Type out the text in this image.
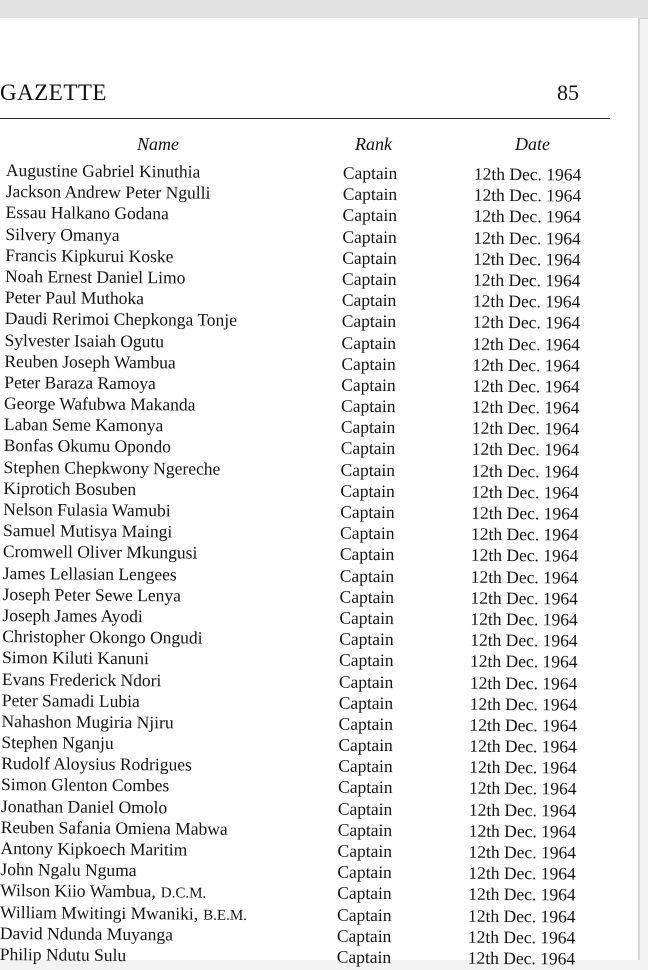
GAZETTE	85
Name	Rank	Date
Augustine Gabriel Kinuthia	Captain	12th Dec. 1964
Jackson Andrew Peter Ngulli	Captain	12th Dec. 1964
Essau Halkano Godana	Captain	12th Dec. 1964
Silvery Omanya	Captain	12th Dec. 1964
Francis Kipkurui Koske	Captain	12th Dec. 1964
Noah Ernest Daniel Limo	Captain	12th Dec. 1964
Peter Paul Muthoka	Captain	12th Dec. 1964
Daudi Rerimoi Chepkonga Tonje	Captain	12th Dec. 1964
Sylvester Isaiah Ogutu	Captain	12th Dec. 1964
Reuben Joseph Wambua	Captain	12th Dec. 1964
Peter Baraza Ramoya	Captain	12th Dec. 1964
George Wafubwa Makanda	Captain	12th Dec. 1964
Laban Seme Kamonya	Captain	12th Dec. 1964
Bonfas Okumu Opondo	Captain	12th Dec. 1964
Stephen Chepkwony Ngereche	Captain	12th Dec. 1964
Kiprotich Bosuben	Captain	12th Dec. 1964
Nelson Fulasia Wamubi	Captain	12th Dec. 1964
Samuel Mutisya Maingi	Captain	12th Dec. 1964
Cromwell Oliver Mkungusi	Captain	12th Dec. 1964
James Lellasian Lengees	Captain	12th Dec. 1964
Joseph Peter Sewe Lenya	Captain	12th Dec. 1964
Joseph James Ayodi	Captain	12th Dec. 1964
Christopher Okongo Ongudi	Captain	12th Dec. 1964
Simon Kiluti Kanuni	Captain	12th Dec. 1964
Evans Frederick Ndori	Captain	12th Dec. 1964
Peter Samadi Lubia	Captain	12th Dec. 1964
Nahashon Mugiria Njiru	Captain	12th Dec. 1964
Stephen Nganju	Captain	12th Dec. 1964
Rudolf Aloysius Rodrigues	Captain	12th Dec. 1964
Simon Glenton Combes	Captain	12th Dec. 1964
Jonathan Daniel Omolo	Captain	12th Dec. 1964
Reuben Safania Omiena Mabwa	Captain	12th Dec. 1964
Antony Kipkoech Maritim	Captain	12th Dec. 1964
John Ngalu Nguma	Captain	12th Dec. 1964
Wilson Kiio Wambua, D.C.M.	Captain	12th Dec. 1964
William Mwitingi Mwaniki, B.E.M.	Captain	12th Dec. 1964
David Ndunda Muyanga	Captain	12th Dec. 1964
Philip Ndutu Sulu	Captain	12th Dec. 1964
